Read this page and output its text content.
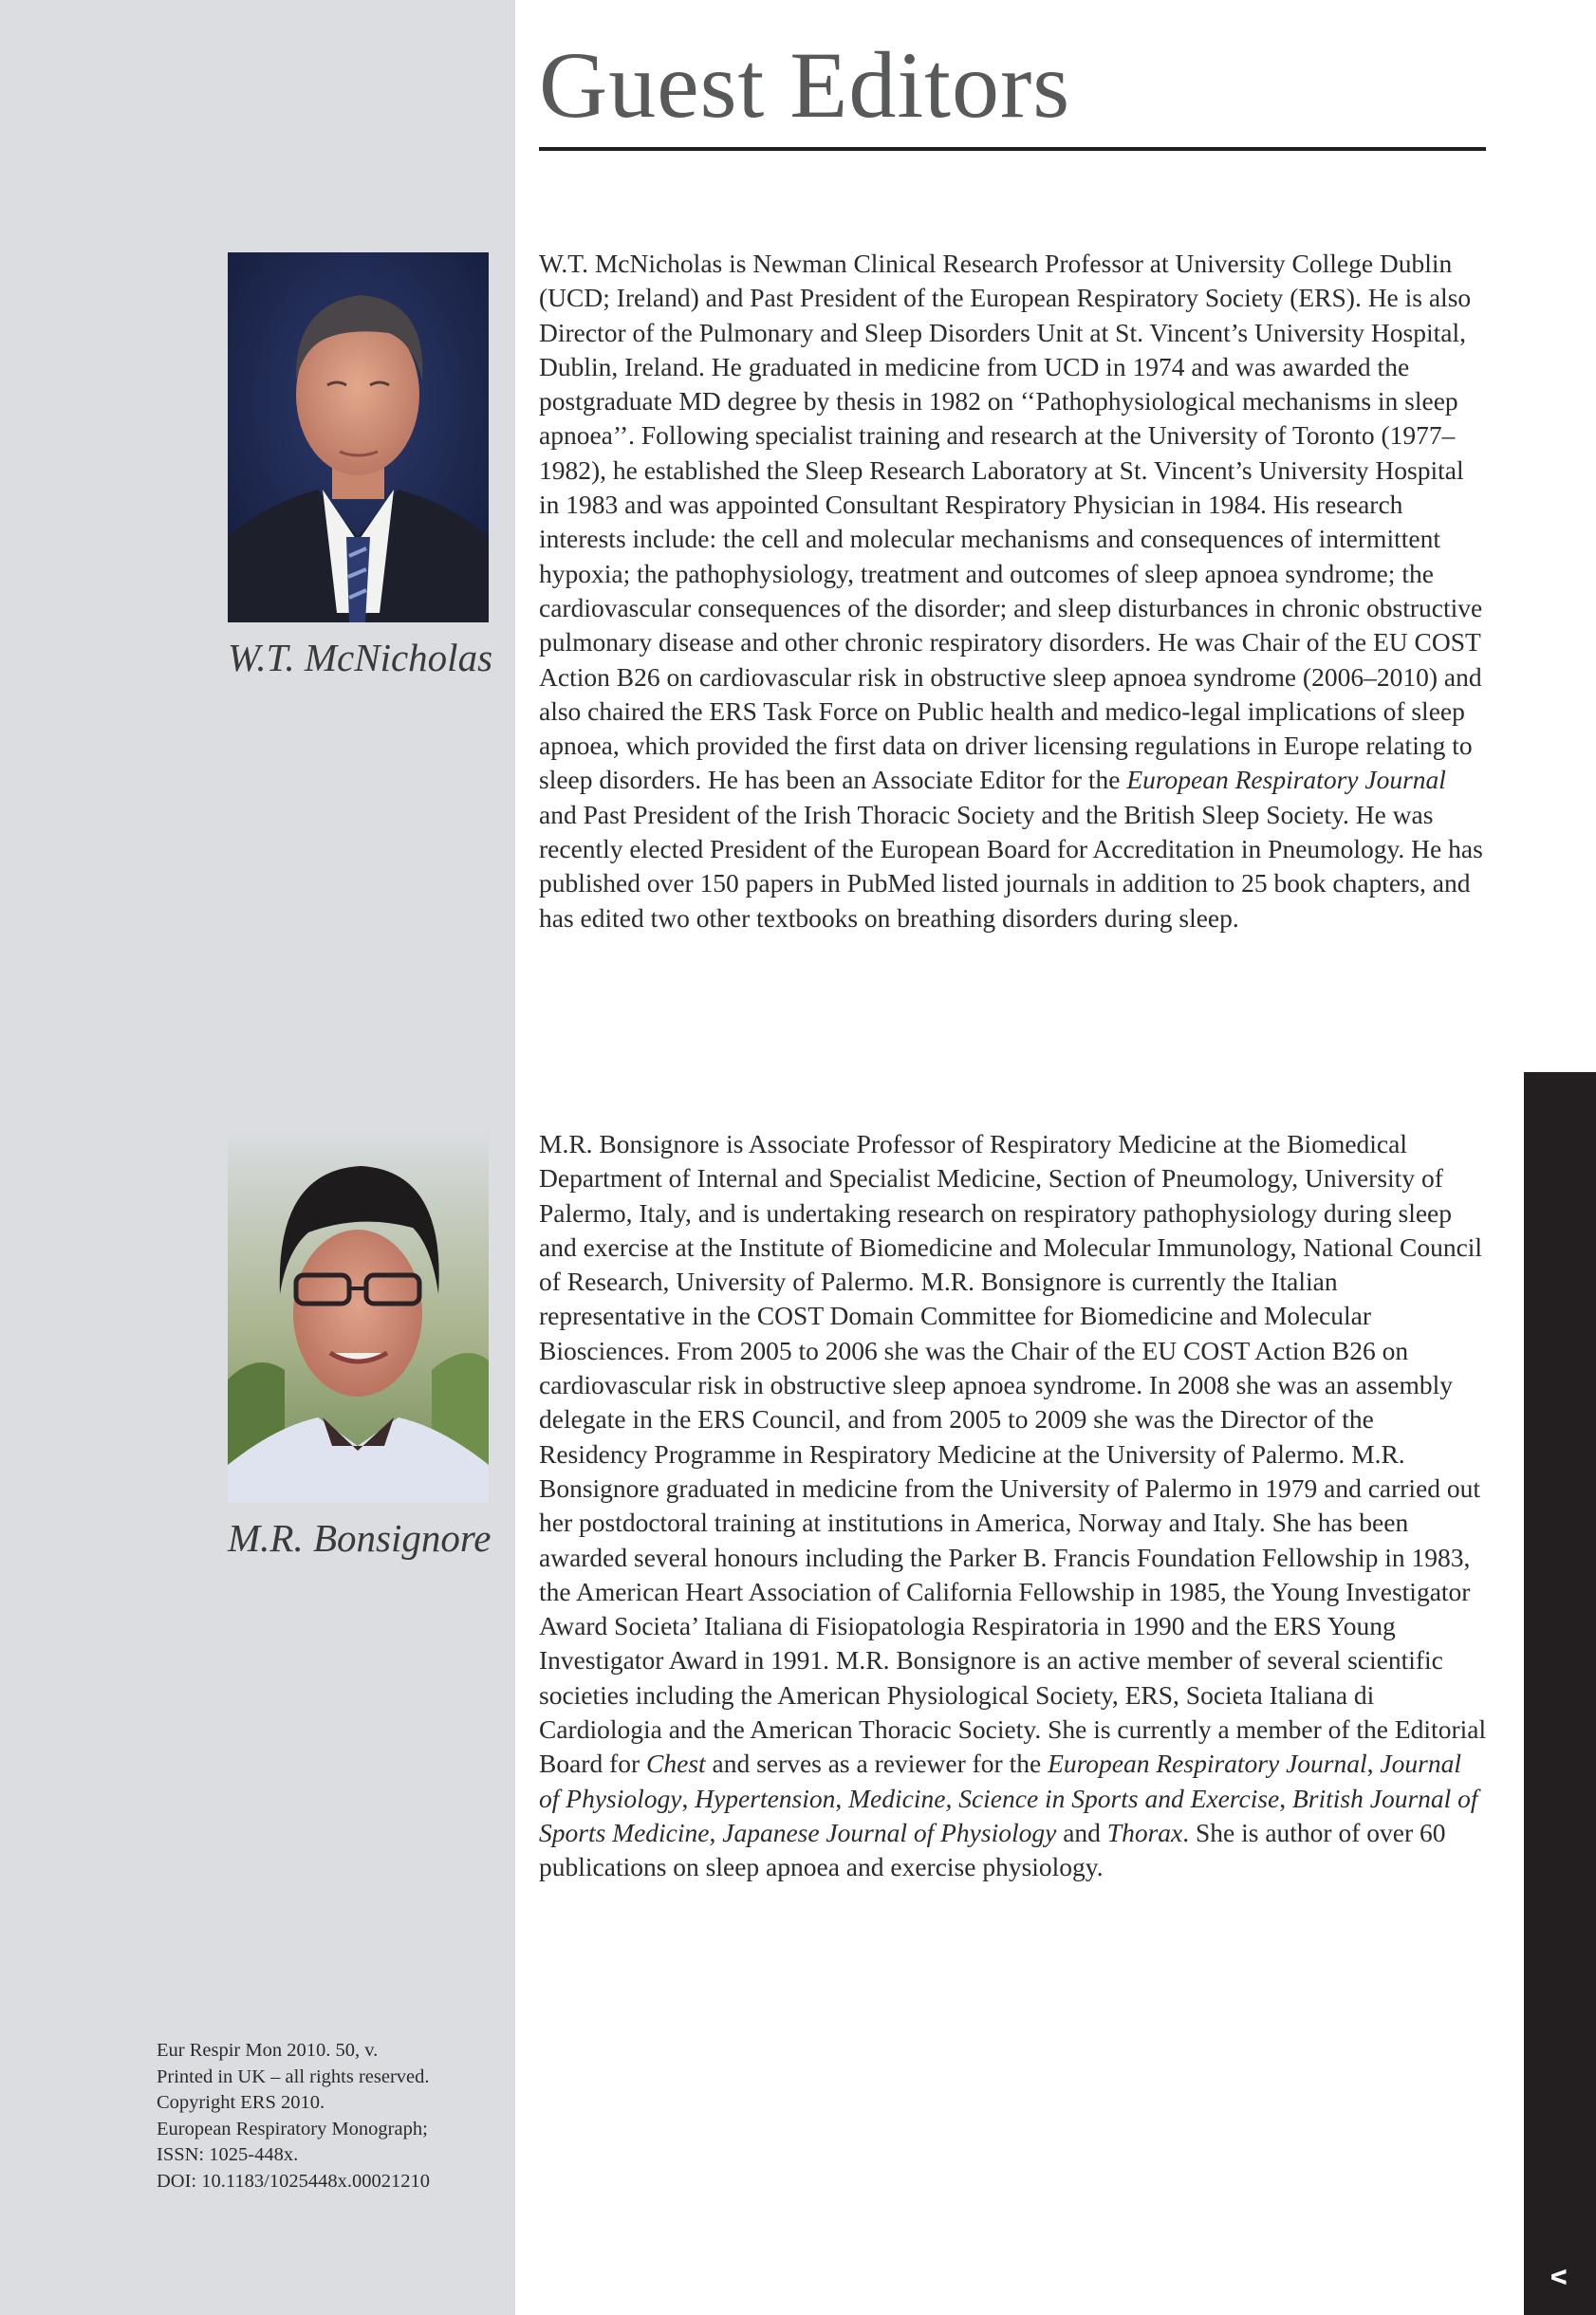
v
Guest Editors
W.T. McNicholas

W.T. McNicholas is Newman Clinical Research Professor at University College Dublin (UCD; Ireland) and Past President of the European Respiratory Society (ERS). He is also Director of the Pulmonary and Sleep Disorders Unit at St. Vincent’s University Hospital, Dublin, Ireland. He graduated in medicine from UCD in 1974 and was awarded the postgraduate MD degree by thesis in 1982 on ‘‘Pathophysiological mechanisms in sleep apnoea’’. Following specialist training and research at the University of Toronto (1977–1982), he established the Sleep Research Laboratory at St. Vincent’s University Hospital in 1983 and was appointed Consultant Respiratory Physician in 1984. His research interests include: the cell and molecular mechanisms and consequences of intermittent hypoxia; the pathophysiology, treatment and outcomes of sleep apnoea syndrome; the cardiovascular consequences of the disorder; and sleep disturbances in chronic obstructive pulmonary disease and other chronic respiratory disorders. He was Chair of the EU COST Action B26 on cardiovascular risk in obstructive sleep apnoea syndrome (2006–2010) and also chaired the ERS Task Force on Public health and medico-legal implications of sleep apnoea, which provided the first data on driver licensing regulations in Europe relating to sleep disorders. He has been an Associate Editor for the European Respiratory Journal and Past President of the Irish Thoracic Society and the British Sleep Society. He was recently elected President of the European Board for Accreditation in Pneumology. He has published over 150 papers in PubMed listed journals in addition to 25 book chapters, and has edited two other textbooks on breathing disorders during sleep.

M.R. Bonsignore

M.R. Bonsignore is Associate Professor of Respiratory Medicine at the Biomedical Department of Internal and Specialist Medicine, Section of Pneumology, University of Palermo, Italy, and is undertaking research on respiratory pathophysiology during sleep and exercise at the Institute of Biomedicine and Molecular Immunology, National Council of Research, University of Palermo. M.R. Bonsignore is currently the Italian representative in the COST Domain Committee for Biomedicine and Molecular Biosciences. From 2005 to 2006 she was the Chair of the EU COST Action B26 on cardiovascular risk in obstructive sleep apnoea syndrome. In 2008 she was an assembly delegate in the ERS Council, and from 2005 to 2009 she was the Director of the Residency Programme in Respiratory Medicine at the University of Palermo. M.R. Bonsignore graduated in medicine from the University of Palermo in 1979 and carried out her postdoctoral training at institutions in America, Norway and Italy. She has been awarded several honours including the Parker B. Francis Foundation Fellowship in 1983, the American Heart Association of California Fellowship in 1985, the Young Investigator Award Societa’ Italiana di Fisiopatologia Respiratoria in 1990 and the ERS Young Investigator Award in 1991. M.R. Bonsignore is an active member of several scientific societies including the American Physiological Society, ERS, Societa Italiana di Cardiologia and the American Thoracic Society. She is currently a member of the Editorial Board for Chest and serves as a reviewer for the European Respiratory Journal, Journal of Physiology, Hypertension, Medicine, Science in Sports and Exercise, British Journal of Sports Medicine, Japanese Journal of Physiology and Thorax. She is author of over 60 publications on sleep apnoea and exercise physiology.

Eur Respir Mon 2010. 50, v.
Printed in UK – all rights reserved.
Copyright ERS 2010.
European Respiratory Monograph;
ISSN: 1025-448x.
DOI: 10.1183/1025448x.00021210
